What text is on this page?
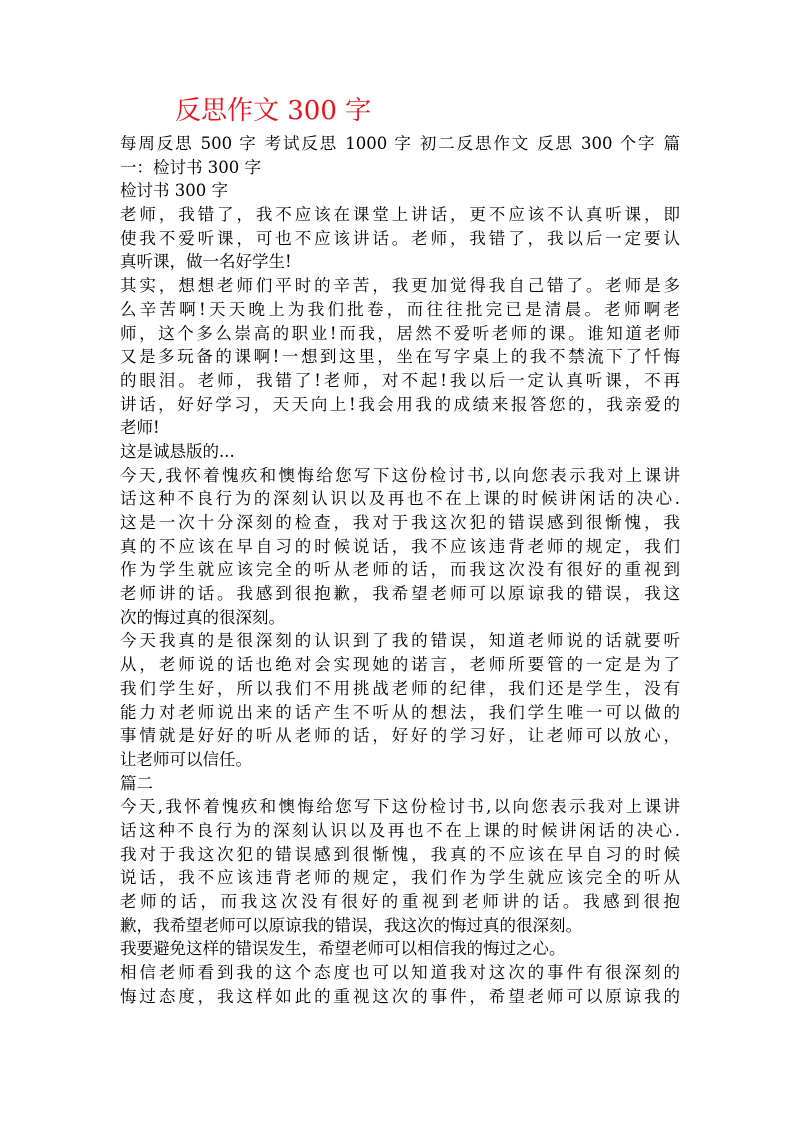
反思作文 300 字
每周反思 500 字 考试反思 1000 字 初二反思作文 反思 300 个字 篇
一：检讨书 300 字
检讨书 300 字
老师，我错了，我不应该在课堂上讲话，更不应该不认真听课，即
使我不爱听课，可也不应该讲话。老师，我错了，我以后一定要认
真听课，做一名好学生!
其实，想想老师们平时的辛苦，我更加觉得我自己错了。老师是多
么辛苦啊!天天晚上为我们批卷，而往往批完已是清晨。老师啊老
师，这个多么崇高的职业!而我，居然不爱听老师的课。谁知道老师
又是多玩备的课啊!一想到这里，坐在写字桌上的我不禁流下了忏悔
的眼泪。老师，我错了!老师，对不起!我以后一定认真听课，不再
讲话，好好学习，天天向上!我会用我的成绩来报答您的，我亲爱的
老师!
这是诚恳版的...
今天,我怀着愧疚和懊悔给您写下这份检讨书,以向您表示我对上课讲
话这种不良行为的深刻认识以及再也不在上课的时候讲闲话的决心.
这是一次十分深刻的检查，我对于我这次犯的错误感到很惭愧，我
真的不应该在早自习的时候说话，我不应该违背老师的规定，我们
作为学生就应该完全的听从老师的话，而我这次没有很好的重视到
老师讲的话。我感到很抱歉，我希望老师可以原谅我的错误，我这
次的悔过真的很深刻。
今天我真的是很深刻的认识到了我的错误，知道老师说的话就要听
从，老师说的话也绝对会实现她的诺言，老师所要管的一定是为了
我们学生好，所以我们不用挑战老师的纪律，我们还是学生，没有
能力对老师说出来的话产生不听从的想法，我们学生唯一可以做的
事情就是好好的听从老师的话，好好的学习好，让老师可以放心，
让老师可以信任。
篇二
今天,我怀着愧疚和懊悔给您写下这份检讨书,以向您表示我对上课讲
话这种不良行为的深刻认识以及再也不在上课的时候讲闲话的决心.
我对于我这次犯的错误感到很惭愧，我真的不应该在早自习的时候
说话，我不应该违背老师的规定，我们作为学生就应该完全的听从
老师的话，而我这次没有很好的重视到老师讲的话。我感到很抱
歉，我希望老师可以原谅我的错误，我这次的悔过真的很深刻。
我要避免这样的错误发生，希望老师可以相信我的悔过之心。
相信老师看到我的这个态度也可以知道我对这次的事件有很深刻的
悔过态度，我这样如此的重视这次的事件，希望老师可以原谅我的
